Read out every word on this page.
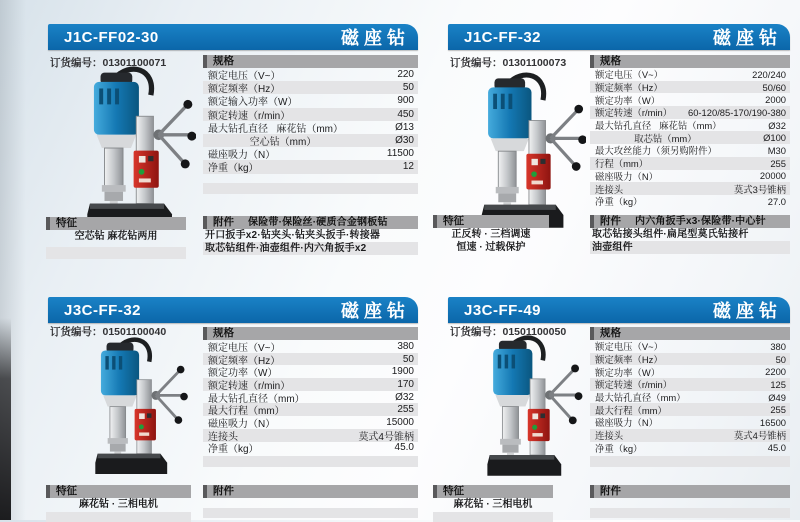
J1C-FF02-30	磁座钻
订货编号：01301100071	规格
额定电压（V~）	220
额定频率（Hz）	50
额定输入功率（W）	900
额定转速（r/min）	450
最大钻孔直径   麻花钻（mm）	Ø13
空心钻（mm）	Ø30
磁座吸力（N）	11500
净重（kg）	12
特征
空芯钻 麻花钻两用
附件 保险带·保险丝·硬质合金钢板钻
开口扳手x2·钻夹头·钻夹头扳手·转接器
取芯钻组件·油壶组件·内六角扳手x2
J1C-FF-32	磁座钻
订货编号：01301100073	规格
额定电压（V~）	220/240
额定频率（Hz）	50/60
额定功率（W）	2000
额定转速（r/min）	60-120/85-170/190-380
最大钻孔直径   麻花钻（mm）	Ø32
取芯钻（mm）	Ø100
最大攻丝能力（须另购附件）	M30
行程（mm）	255
磁座吸力（N）	20000
连接头	莫式3号锥柄
净重（kg）	27.0
特征
正反转 · 三档调速
恒速 · 过载保护
附件 内六角扳手x3·保险带·中心针
取芯钻接头组件·扁尾型莫氏钻接杆
油壶组件
J3C-FF-32	磁座钻
订货编号：01501100040	规格
额定电压（V~）	380
额定频率（Hz）	50
额定功率（W）	1900
额定转速（r/min）	170
最大钻孔直径（mm）	Ø32
最大行程（mm）	255
磁座吸力（N）	15000
连接头	莫式4号锥柄
净重（kg）	45.0
特征
麻花钻 · 三相电机
附件
J3C-FF-49	磁座钻
订货编号：01501100050	规格
额定电压（V~）	380
额定频率（Hz）	50
额定功率（W）	2200
额定转速（r/min）	125
最大钻孔直径（mm）	Ø49
最大行程（mm）	255
磁座吸力（N）	16500
连接头	莫式4号锥柄
净重（kg）	45.0
特征
麻花钻 · 三相电机
附件
